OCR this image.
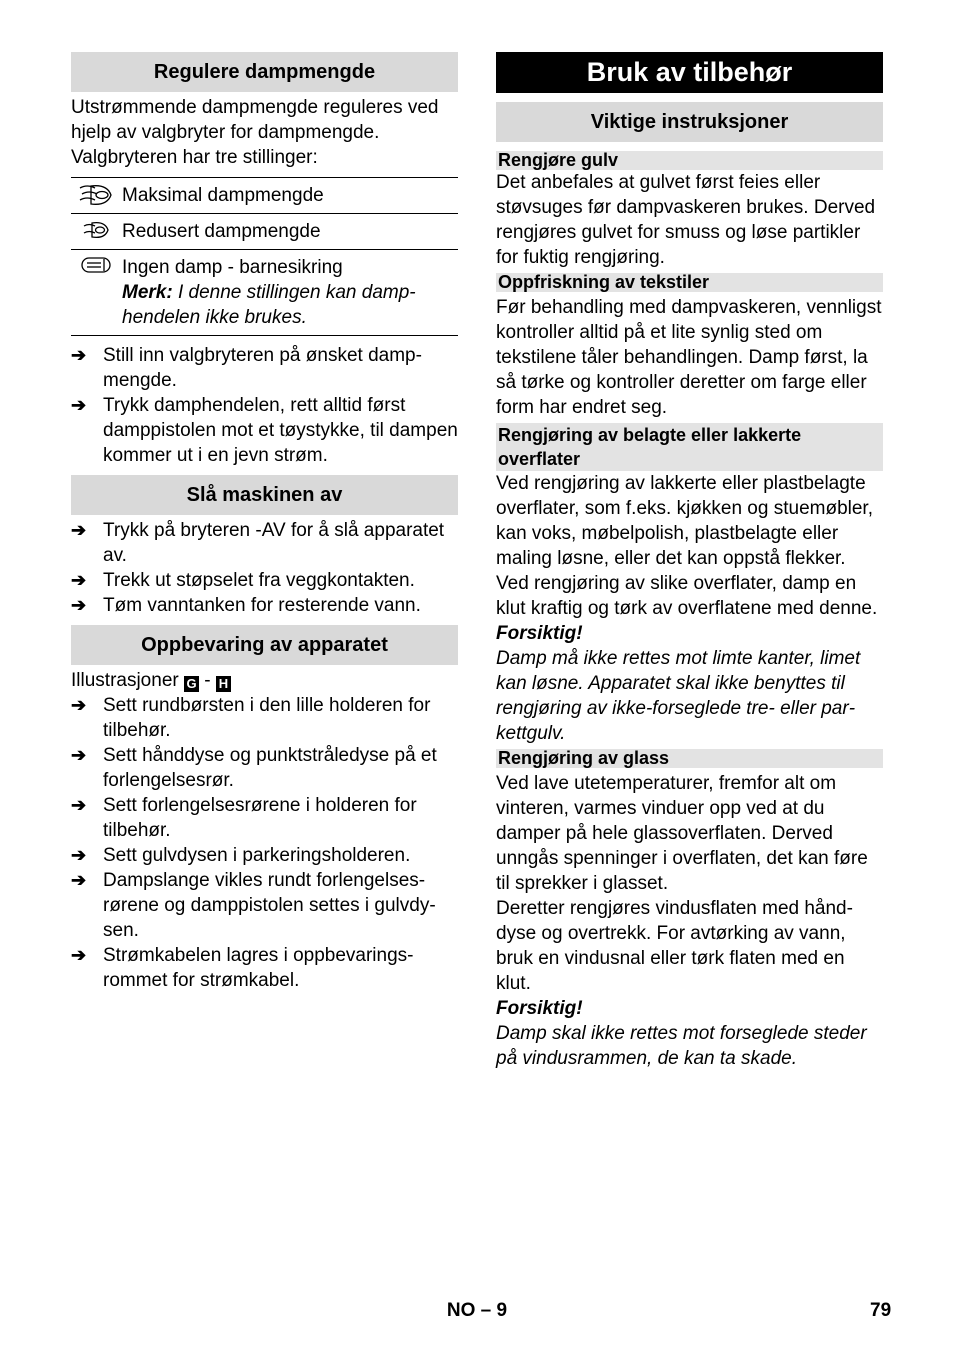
Regulere dampmengde

Utstrømmende dampmengde reguleres ved hjelp av valgbryter for dampmengde. Valgbryteren har tre stillinger:

Maksimal dampmengde
Redusert dampmengde
Ingen damp - barnesikring
Merk: I denne stillingen kan damphendelen ikke brukes.
➔ Still inn valgbryteren på ønsket dampmengde.
➔ Trykk damphendelen, rett alltid først damppistolen mot et tøystykke, til dampen kommer ut i en jevn strøm.
Slå maskinen av
➔ Trykk på bryteren -AV for å slå apparatet av.
➔ Trekk ut støpselet fra veggkontakten.
➔ Tøm vanntanken for resterende vann.
Oppbevaring av apparatet

Illustrasjoner G - H

➔ Sett rundbørsten i den lille holderen for tilbehør.
➔ Sett hånddyse og punktstråledyse på et forlengelsesrør.
➔ Sett forlengelsesrørene i holderen for tilbehør.
➔ Sett gulvdysen i parkeringsholderen.
➔ Dampslange vikles rundt forlengelsesrørene og damppistolen settes i gulvdysen.
➔ Strømkabelen lagres i oppbevaringsrommet for strømkabel.
Bruk av tilbehør
Viktige instruksjoner
Rengjøre gulv

Det anbefales at gulvet først feies eller støvsuges før dampvaskeren brukes. Derved rengjøres gulvet for smuss og løse partikler for fuktig rengjøring.

Oppfriskning av tekstiler

Før behandling med dampvaskeren, vennligst kontroller alltid på et lite synlig sted om tekstilene tåler behandlingen. Damp først, la så tørke og kontroller deretter om farge eller form har endret seg.

Rengjøring av belagte eller lakkerte overflater

Ved rengjøring av lakkerte eller plastbelagte overflater, som f.eks. kjøkken og stuemøbler, kan voks, møbelpolish, plastbelagte eller maling løsne, eller det kan oppstå flekker. Ved rengjøring av slike overflater, damp en klut kraftig og tørk av overflatene med denne.

Forsiktig!

Damp må ikke rettes mot limte kanter, limet kan løsne. Apparatet skal ikke benyttes til rengjøring av ikke-forseglede tre- eller parkettgulv.

Rengjøring av glass

Ved lave utetemperaturer, fremfor alt om vinteren, varmes vinduer opp ved at du damper på hele glassoverflaten. Derved unngås spenninger i overflaten, det kan føre til sprekker i glasset.

Deretter rengjøres vindusflaten med hånddyse og overtrekk. For avtørking av vann, bruk en vindusnal eller tørk flaten med en klut.

Forsiktig!

Damp skal ikke rettes mot forseglede steder på vindusrammen, de kan ta skade.

NO – 9	79
